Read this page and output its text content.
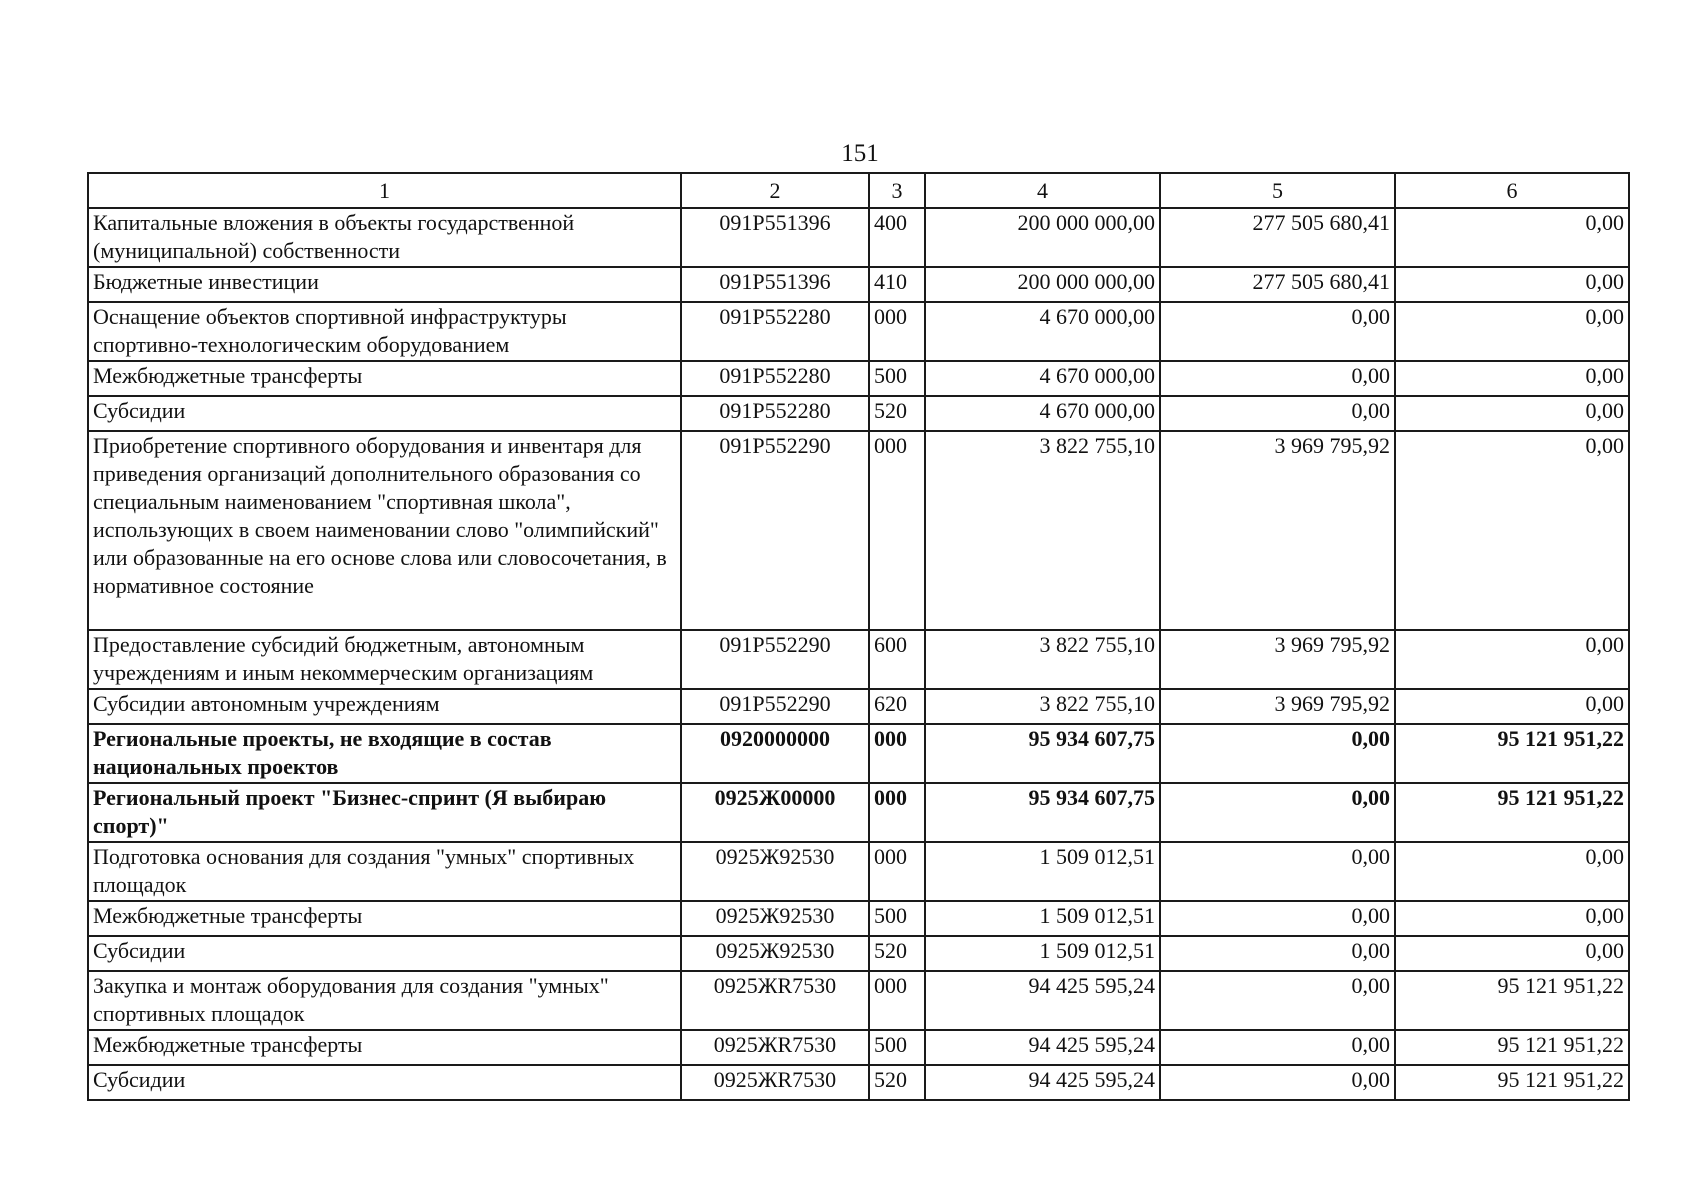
151
1	2	3	4	5	6
Капитальные вложения в объекты государственной (муниципальной) собственности	091P551396	400	200 000 000,00	277 505 680,41	0,00
Бюджетные инвестиции	091P551396	410	200 000 000,00	277 505 680,41	0,00
Оснащение объектов спортивной инфраструктуры спортивно-технологическим оборудованием	091P552280	000	4 670 000,00	0,00	0,00
Межбюджетные трансферты	091P552280	500	4 670 000,00	0,00	0,00
Субсидии	091P552280	520	4 670 000,00	0,00	0,00
Приобретение спортивного оборудования и инвентаря для приведения организаций дополнительного образования со специальным наименованием "спортивная школа", использующих в своем наименовании слово "олимпийский" или образованные на его основе слова или словосочетания, в нормативное состояние	091P552290	000	3 822 755,10	3 969 795,92	0,00
Предоставление субсидий бюджетным, автономным учреждениям и иным некоммерческим организациям	091P552290	600	3 822 755,10	3 969 795,92	0,00
Субсидии автономным учреждениям	091P552290	620	3 822 755,10	3 969 795,92	0,00
Региональные проекты, не входящие в состав национальных проектов	0920000000	000	95 934 607,75	0,00	95 121 951,22
Региональный проект "Бизнес-спринт (Я выбираю спорт)"	0925Ж00000	000	95 934 607,75	0,00	95 121 951,22
Подготовка основания для создания "умных" спортивных площадок	0925Ж92530	000	1 509 012,51	0,00	0,00
Межбюджетные трансферты	0925Ж92530	500	1 509 012,51	0,00	0,00
Субсидии	0925Ж92530	520	1 509 012,51	0,00	0,00
Закупка и монтаж оборудования для создания "умных" спортивных площадок	0925ЖR7530	000	94 425 595,24	0,00	95 121 951,22
Межбюджетные трансферты	0925ЖR7530	500	94 425 595,24	0,00	95 121 951,22
Субсидии	0925ЖR7530	520	94 425 595,24	0,00	95 121 951,22
